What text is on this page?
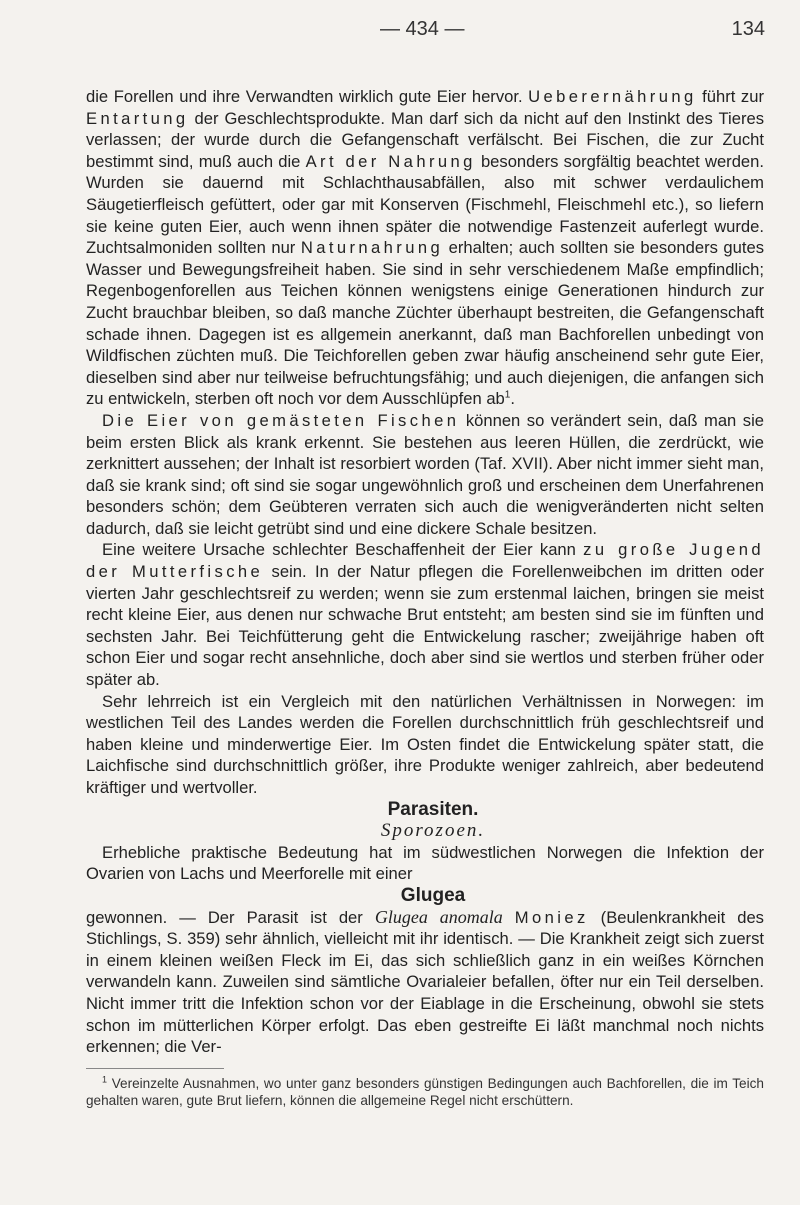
— 434 —	134

die Forellen und ihre Verwandten wirklich gute Eier hervor. Ueberernährung führt zur Entartung der Geschlechtsprodukte. Man darf sich da nicht auf den Instinkt des Tieres verlassen; der wurde durch die Gefangenschaft verfälscht. Bei Fischen, die zur Zucht bestimmt sind, muß auch die Art der Nahrung besonders sorgfältig beachtet werden. Wurden sie dauernd mit Schlachthausabfällen, also mit schwer verdaulichem Säugetierfleisch gefüttert, oder gar mit Konserven (Fischmehl, Fleischmehl etc.), so liefern sie keine guten Eier, auch wenn ihnen später die notwendige Fastenzeit auferlegt wurde. Zuchtsalmoniden sollten nur Naturnahrung erhalten; auch sollten sie besonders gutes Wasser und Bewegungsfreiheit haben. Sie sind in sehr verschiedenem Maße empfindlich; Regenbogenforellen aus Teichen können wenigstens einige Generationen hindurch zur Zucht brauchbar bleiben, so daß manche Züchter überhaupt bestreiten, die Gefangenschaft schade ihnen. Dagegen ist es allgemein anerkannt, daß man Bachforellen unbedingt von Wildfischen züchten muß. Die Teichforellen geben zwar häufig anscheinend sehr gute Eier, dieselben sind aber nur teilweise befruchtungsfähig; und auch diejenigen, die anfangen sich zu entwickeln, sterben oft noch vor dem Ausschlüpfen $ab^1$.

Die Eier von gemästeten Fischen können so verändert sein, daß man sie beim ersten Blick als krank erkennt. Sie bestehen aus leeren Hüllen, die zerdrückt, wie zerknittert aussehen; der Inhalt ist resorbiert worden (Taf. XVII). Aber nicht immer sieht man, daß sie krank sind; oft sind sie sogar ungewöhnlich groß und erscheinen dem Unerfahrenen besonders schön; dem Geübteren verraten sich auch die wenigveränderten nicht selten dadurch, daß sie leicht getrübt sind und eine dickere Schale besitzen.

Eine weitere Ursache schlechter Beschaffenheit der Eier kann zu große Jugend der Mutterfische sein. In der Natur pflegen die Forellenweibchen im dritten oder vierten Jahr geschlechtsreif zu werden; wenn sie zum erstenmal laichen, bringen sie meist recht kleine Eier, aus denen nur schwache Brut entsteht; am besten sind sie im fünften und sechsten Jahr. Bei Teichfütterung geht die Entwickelung rascher; zweijährige haben oft schon Eier und sogar recht ansehnliche, doch aber sind sie wertlos und sterben früher oder später ab.

Sehr lehrreich ist ein Vergleich mit den natürlichen Verhältnissen in Norwegen: im westlichen Teil des Landes werden die Forellen durchschnittlich früh geschlechtsreif und haben kleine und minderwertige Eier. Im Osten findet die Entwickelung später statt, die Laichfische sind durchschnittlich größer, ihre Produkte weniger zahlreich, aber bedeutend kräftiger und wertvoller.

Parasiten.

Sporozoen.

Erhebliche praktische Bedeutung hat im südwestlichen Norwegen die Infektion der Ovarien von Lachs und Meerforelle mit einer

Glugea

gewonnen. — Der Parasit ist der Glugea anomala Moniez (Beulenkrankheit des Stichlings, S. 359) sehr ähnlich, vielleicht mit ihr identisch. — Die Krankheit zeigt sich zuerst in einem kleinen weißen Fleck im Ei, das sich schließlich ganz in ein weißes Körnchen verwandeln kann. Zuweilen sind sämtliche Ovarialeier befallen, öfter nur ein Teil derselben. Nicht immer tritt die Infektion schon vor der Eiablage in die Erscheinung, obwohl sie stets schon im mütterlichen Körper erfolgt. Das eben gestreifte Ei läßt manchmal noch nichts erkennen; die Ver-

$^1$ Vereinzelte Ausnahmen, wo unter ganz besonders günstigen Bedingungen auch Bachforellen, die im Teich gehalten waren, gute Brut liefern, können die allgemeine Regel nicht erschüttern.
